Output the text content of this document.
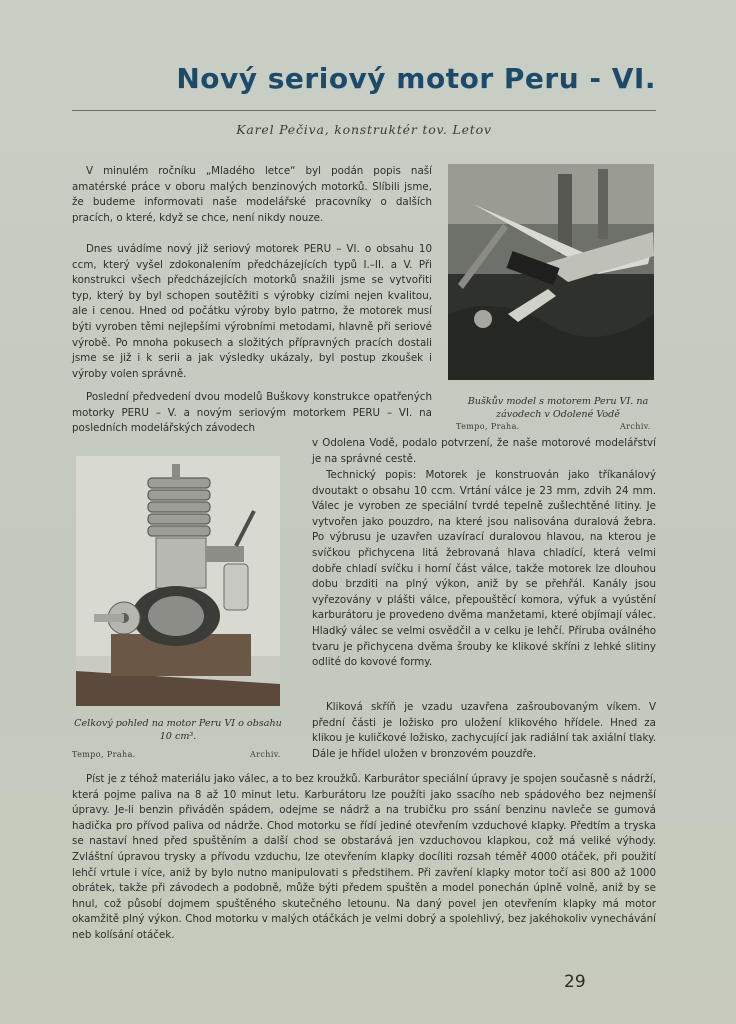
Nový seriový motor Peru - VI.
Karel Pečiva, konstruktér tov. Letov

V minulém ročníku „Mladého letce“ byl podán popis naší amatérské práce v oboru malých benzinových motorků. Slíbili jsme, že budeme informovati naše modelářské pracovníky o dalších pracích, o které, když se chce, není nikdy nouze.

Dnes uvádíme nový již seriový motorek PERU – VI. o obsahu 10 ccm, který vyšel zdokonalením předcházejících typů I.–II. a V. Při konstrukci všech předcházejících motorků snažili jsme se vytvořiti typ, který by byl schopen soutěžiti s výrobky cizími nejen kvalitou, ale i cenou. Hned od počátku výroby bylo patrno, že motorek musí býti vyroben těmi nejlepšími výrobními metodami, hlavně při seriové výrobě. Po mnoha pokusech a složitých přípravných pracích dostali jsme se již i k serii a jak výsledky ukázaly, byl postup zkoušek i výroby volen správně.

Poslední předvedení dvou modelů Buškovy konstrukce opatřených motorky PERU – V. a novým seriovým motorkem PERU – VI. na posledních modelářských závodech

Buškův model s motorem Peru VI. na závodech v Odolené Vodě
Tempo, Praha.	Archiv.

v Odolena Vodě, podalo potvrzení, že naše motorové modelářství je na správné cestě.

Technický popis: Motorek je konstruován jako tříkanálový dvoutakt o obsahu 10 ccm. Vrtání válce je 23 mm, zdvih 24 mm. Válec je vyroben ze speciální tvrdé tepelně zušlechtěné litiny. Je vytvořen jako pouzdro, na které jsou nalisována duralová žebra. Po výbrusu je uzavřen uzavírací duralovou hlavou, na kterou je svíčkou přichycena litá žebrovaná hlava chladící, která velmi dobře chladí svíčku i horní část válce, takže motorek lze dlouhou dobu brzditi na plný výkon, aniž by se přehřál. Kanály jsou vyřezovány v plášti válce, přepouštěcí komora, výfuk a vyústění karburátoru je provedeno dvěma manžetami, které objímají válec. Hladký válec se velmi osvědčil a v celku je lehčí. Příruba oválného tvaru je přichycena dvěma šrouby ke klikové skříni z lehké slitiny odlité do kovové formy.

Kliková skříň je vzadu uzavřena zašroubovaným víkem. V přední části je ložisko pro uložení klikového hřídele. Hned za klikou je kuličkové ložisko, zachycující jak radiální tak axiální tlaky. Dále je hřídel uložen v bronzovém pouzdře.

Celkový pohled na motor Peru VI o obsahu 10 cm³.
Tempo, Praha.	Archiv.

Píst je z téhož materiálu jako válec, a to bez kroužků. Karburátor speciální úpravy je spojen současně s nádrží, která pojme paliva na 8 až 10 minut letu. Karburátoru lze použíti jako ssacího neb spádového bez nejmenší úpravy. Je-li benzin přiváděn spádem, odejme se nádrž a na trubičku pro ssání benzinu navleče se gumová hadička pro přívod paliva od nádrže. Chod motorku se řídí jediné otevřením vzduchové klapky. Předtím a tryska se nastaví hned před spuštěním a další chod se obstarává jen vzduchovou klapkou, což má veliké výhody. Zvláštní úpravou trysky a přívodu vzduchu, lze otevřením klapky docíliti rozsah téměř 4000 otáček, při použití lehčí vrtule i více, aniž by bylo nutno manipulovati s předstihem. Při zavření klapky motor točí asi 800 až 1000 obrátek, takže při závodech a podobně, může býti předem spuštěn a model ponechán úplně volně, aniž by se hnul, což působí dojmem spuštěného skutečného letounu. Na daný povel jen otevřením klapky má motor okamžitě plný výkon. Chod motorku v malých otáčkách je velmi dobrý a spolehlivý, bez jakéhokoliv vynechávání neb kolísání otáček.

29
